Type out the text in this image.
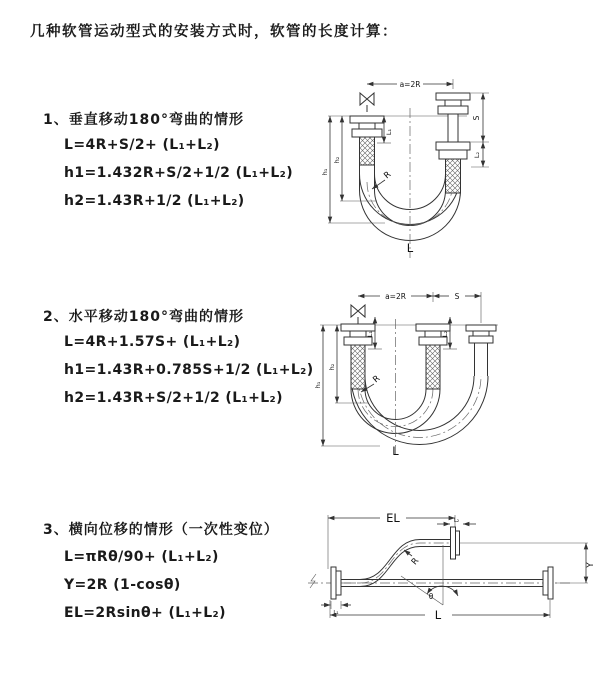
几种软管运动型式的安装方式时，软管的长度计算：
1、垂直移动180°弯曲的情形
L=4R+S/2+ (L₁+L₂)
h1=1.432R+S/2+1/2 (L₁+L₂)
h2=1.43R+1/2 (L₁+L₂)
2、水平移动180°弯曲的情形
L=4R+1.57S+ (L₁+L₂)
h1=1.43R+0.785S+1/2 (L₁+L₂)
h2=1.43R+S/2+1/2 (L₁+L₂)
3、横向位移的情形（一次性变位）
L=πRθ/90+ (L₁+L₂)
Y=2R (1-cosθ)
EL=2Rsinθ+ (L₁+L₂)
a=2R
L₁
S
L₂
R
h₂
h₁
L
a=2R	S
L₁	L₂
R
h₂
h₁
L
EL	L₂
Y
R
θ
L
L₁
